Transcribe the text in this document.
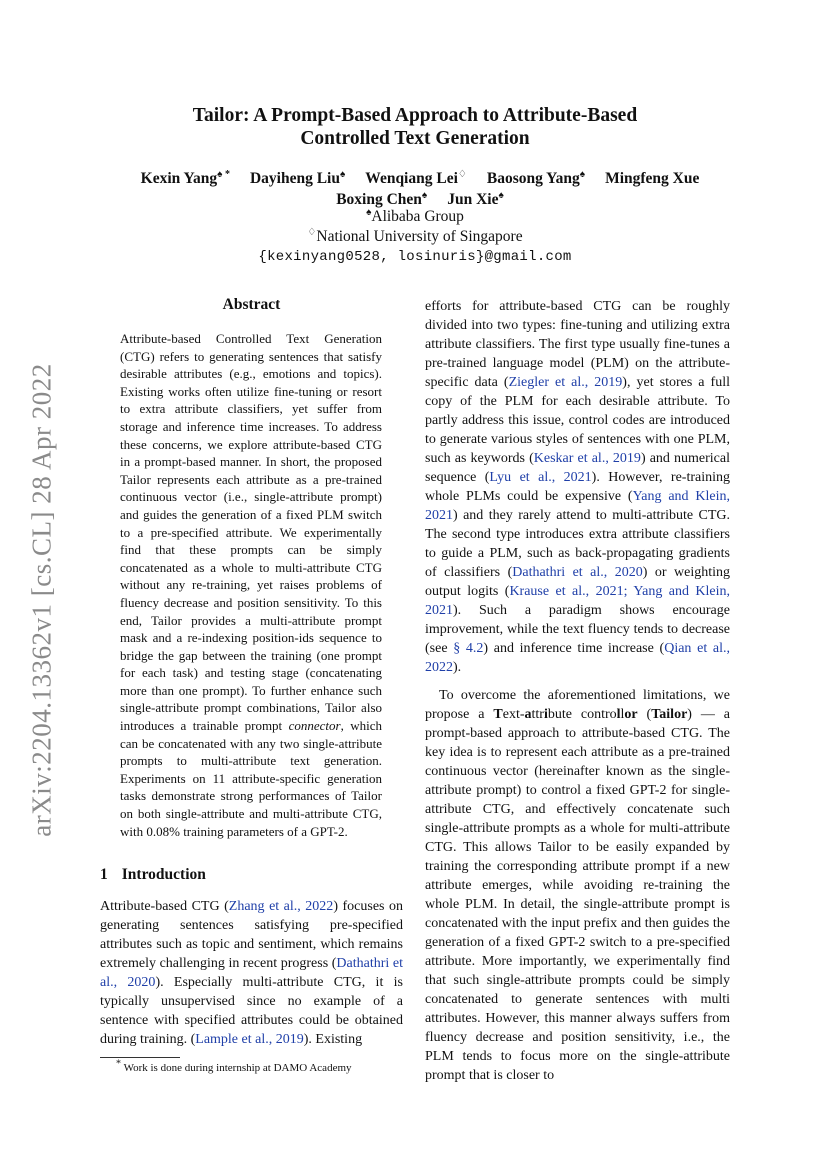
arXiv:2204.13362v1 [cs.CL] 28 Apr 2022
Tailor: A Prompt-Based Approach to Attribute-Based
Controlled Text Generation
Kexin Yang♠ * Dayiheng Liu♠ Wenqiang Lei♢ Baosong Yang♠ Mingfeng Xue
Boxing Chen♠ Jun Xie♠
♠Alibaba Group
♢National University of Singapore
{kexinyang0528, losinuris}@gmail.com
Abstract

Attribute-based Controlled Text Generation (CTG) refers to generating sentences that satisfy desirable attributes (e.g., emotions and topics). Existing works often utilize fine-tuning or resort to extra attribute classifiers, yet suffer from storage and inference time increases. To address these concerns, we explore attribute-based CTG in a prompt-based manner. In short, the proposed Tailor represents each attribute as a pre-trained continuous vector (i.e., single-attribute prompt) and guides the generation of a fixed PLM switch to a pre-specified attribute. We experimentally find that these prompts can be simply concatenated as a whole to multi-attribute CTG without any re-training, yet raises problems of fluency decrease and position sensitivity. To this end, Tailor provides a multi-attribute prompt mask and a re-indexing position-ids sequence to bridge the gap between the training (one prompt for each task) and testing stage (concatenating more than one prompt). To further enhance such single-attribute prompt combinations, Tailor also introduces a trainable prompt connector, which can be concatenated with any two single-attribute prompts to multi-attribute text generation. Experiments on 11 attribute-specific generation tasks demonstrate strong performances of Tailor on both single-attribute and multi-attribute CTG, with 0.08% training parameters of a GPT-2.

1 Introduction

Attribute-based CTG (Zhang et al., 2022) focuses on generating sentences satisfying pre-specified attributes such as topic and sentiment, which remains extremely challenging in recent progress (Dathathri et al., 2020). Especially multi-attribute CTG, it is typically unsupervised since no example of a sentence with specified attributes could be obtained during training. (Lample et al., 2019). Existing

* Work is done during internship at DAMO Academy

efforts for attribute-based CTG can be roughly divided into two types: fine-tuning and utilizing extra attribute classifiers. The first type usually fine-tunes a pre-trained language model (PLM) on the attribute-specific data (Ziegler et al., 2019), yet stores a full copy of the PLM for each desirable attribute. To partly address this issue, control codes are introduced to generate various styles of sentences with one PLM, such as keywords (Keskar et al., 2019) and numerical sequence (Lyu et al., 2021). However, re-training whole PLMs could be expensive (Yang and Klein, 2021) and they rarely attend to multi-attribute CTG. The second type introduces extra attribute classifiers to guide a PLM, such as back-propagating gradients of classifiers (Dathathri et al., 2020) or weighting output logits (Krause et al., 2021; Yang and Klein, 2021). Such a paradigm shows encourage improvement, while the text fluency tends to decrease (see § 4.2) and inference time increase (Qian et al., 2022).

To overcome the aforementioned limitations, we propose a Text-attribute controllor (Tailor) — a prompt-based approach to attribute-based CTG. The key idea is to represent each attribute as a pre-trained continuous vector (hereinafter known as the single-attribute prompt) to control a fixed GPT-2 for single-attribute CTG, and effectively concatenate such single-attribute prompts as a whole for multi-attribute CTG. This allows Tailor to be easily expanded by training the corresponding attribute prompt if a new attribute emerges, while avoiding re-training the whole PLM. In detail, the single-attribute prompt is concatenated with the input prefix and then guides the generation of a fixed GPT-2 switch to a pre-specified attribute. More importantly, we experimentally find that such single-attribute prompts could be simply concatenated to generate sentences with multi attributes. However, this manner always suffers from fluency decrease and position sensitivity, i.e., the PLM tends to focus more on the single-attribute prompt that is closer to
